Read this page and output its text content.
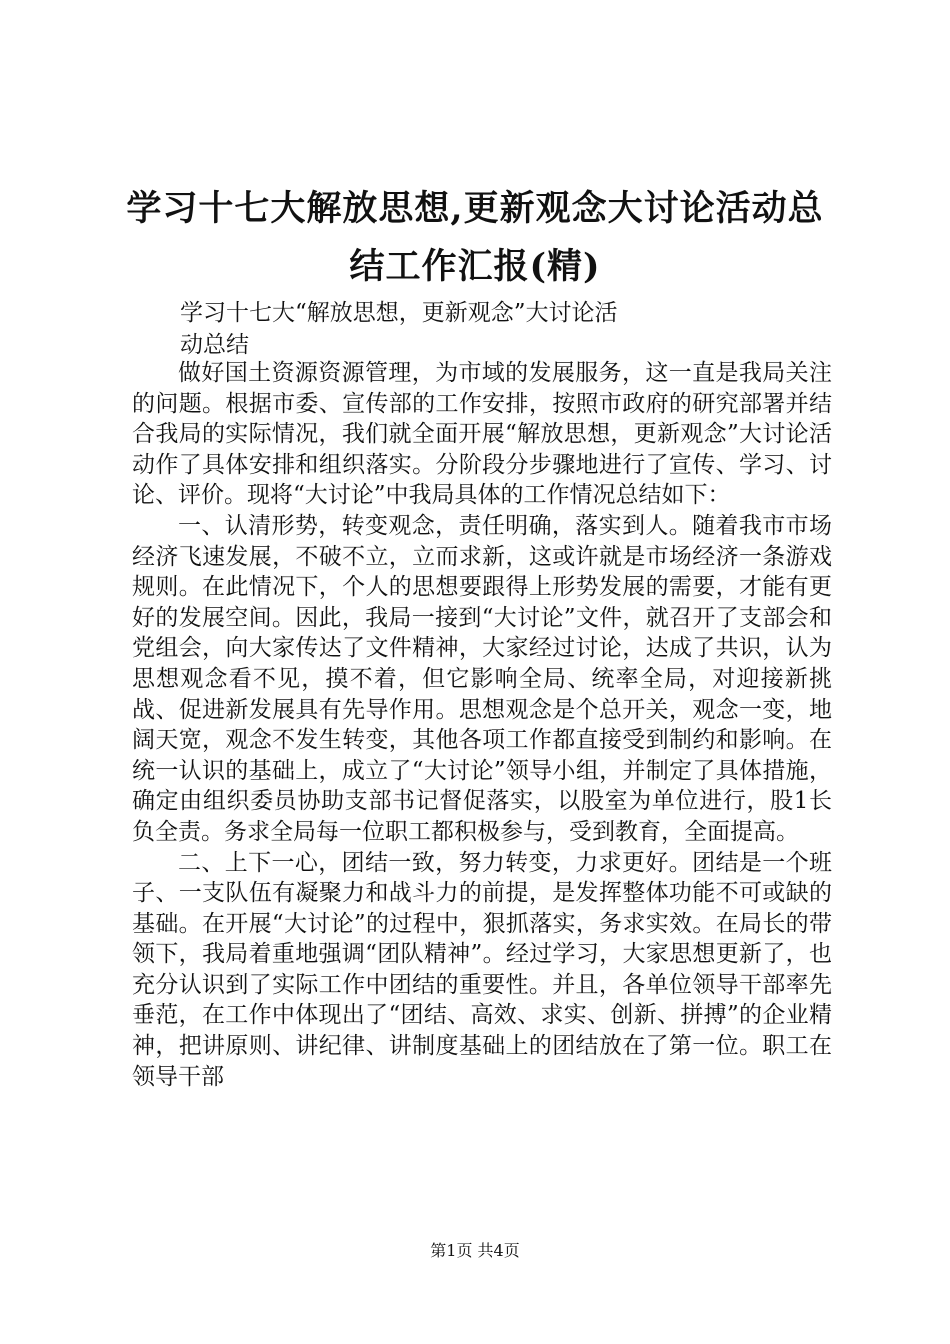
学习十七大解放思想,更新观念大讨论活动总
结工作汇报(精)
学习十七大“解放思想，更新观念”大讨论活
动总结

做好国土资源资源管理，为市域的发展服务，这一直是我局关注的问题。根据市委、宣传部的工作安排，按照市政府的研究部署并结合我局的实际情况，我们就全面开展“解放思想，更新观念”大讨论活动作了具体安排和组织落实。分阶段分步骤地进行了宣传、学习、讨论、评价。现将“大讨论”中我局具体的工作情况总结如下：

一、认清形势，转变观念，责任明确，落实到人。随着我市市场经济飞速发展，不破不立，立而求新，这或许就是市场经济一条游戏规则。在此情况下，个人的思想要跟得上形势发展的需要，才能有更好的发展空间。因此，我局一接到“大讨论”文件，就召开了支部会和党组会，向大家传达了文件精神，大家经过讨论，达成了共识，认为思想观念看不见，摸不着，但它影响全局、统率全局，对迎接新挑战、促进新发展具有先导作用。思想观念是个总开关，观念一变，地阔天宽，观念不发生转变，其他各项工作都直接受到制约和影响。在统一认识的基础上，成立了“大讨论”领导小组，并制定了具体措施，确定由组织委员协助支部书记督促落实，以股室为单位进行，股1长负全责。务求全局每一位职工都积极参与，受到教育，全面提高。

二、上下一心，团结一致，努力转变，力求更好。团结是一个班子、一支队伍有凝聚力和战斗力的前提，是发挥整体功能不可或缺的基础。在开展“大讨论”的过程中，狠抓落实，务求实效。在局长的带领下，我局着重地强调“团队精神”。经过学习，大家思想更新了，也充分认识到了实际工作中团结的重要性。并且，各单位领导干部率先垂范，在工作中体现出了“团结、高效、求实、创新、拼搏”的企业精神，把讲原则、讲纪律、讲制度基础上的团结放在了第一位。职工在领导干部

第1页 共4页
